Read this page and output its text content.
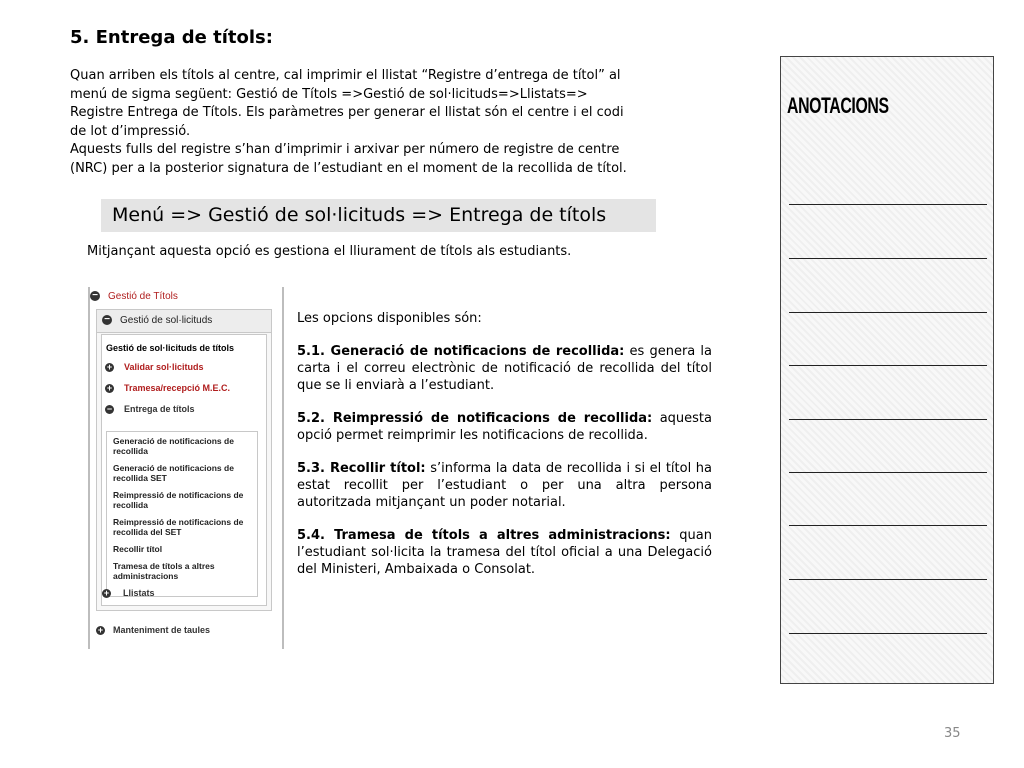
5. Entrega de títols:
Quan arriben els títols al centre, cal imprimir el llistat “Registre d’entrega de títol” al
menú de sigma següent: Gestió de Títols =>Gestió de sol·licituds=>Llistats=>
Registre Entrega de Títols. Els paràmetres per generar el llistat són el centre i el codi
de lot d’impressió.
Aquests fulls del registre s’han d’imprimir i arxivar per número de registre de centre
(NRC) per a la posterior signatura de l’estudiant en el moment de la recollida de títol.
Menú => Gestió de sol·licituds => Entrega de títols

Mitjançant aquesta opció es gestiona el lliurament de títols als estudiants.

− Gestió de Títols
− Gestió de sol·licituds
Gestió de sol·licituds de títols
+ Validar sol·licituds
+ Tramesa/recepció M.E.C.
− Entrega de títols
Generació de notificacions de recollida
Generació de notificacions de recollida SET
Reimpressió de notificacions de recollida
Reimpressió de notificacions de recollida del SET
Recollir títol
Tramesa de títols a altres administracions
+ Llistats
+ Manteniment de taules

Les opcions disponibles són:

5.1. Generació de notificacions de recollida: es genera la carta i el correu electrònic de notificació de recollida del títol que se li enviarà a l’estudiant.

5.2. Reimpressió de notificacions de recollida: aquesta opció permet reimprimir les notificacions de recollida.

5.3. Recollir títol: s’informa la data de recollida i si el títol ha estat recollit per l’estudiant o per una altra persona autoritzada mitjançant un poder notarial.

5.4. Tramesa de títols a altres administracions: quan l’estudiant sol·licita la tramesa del títol oficial a una Delegació del Ministeri, Ambaixada o Consolat.

ANOTACIONS
35
